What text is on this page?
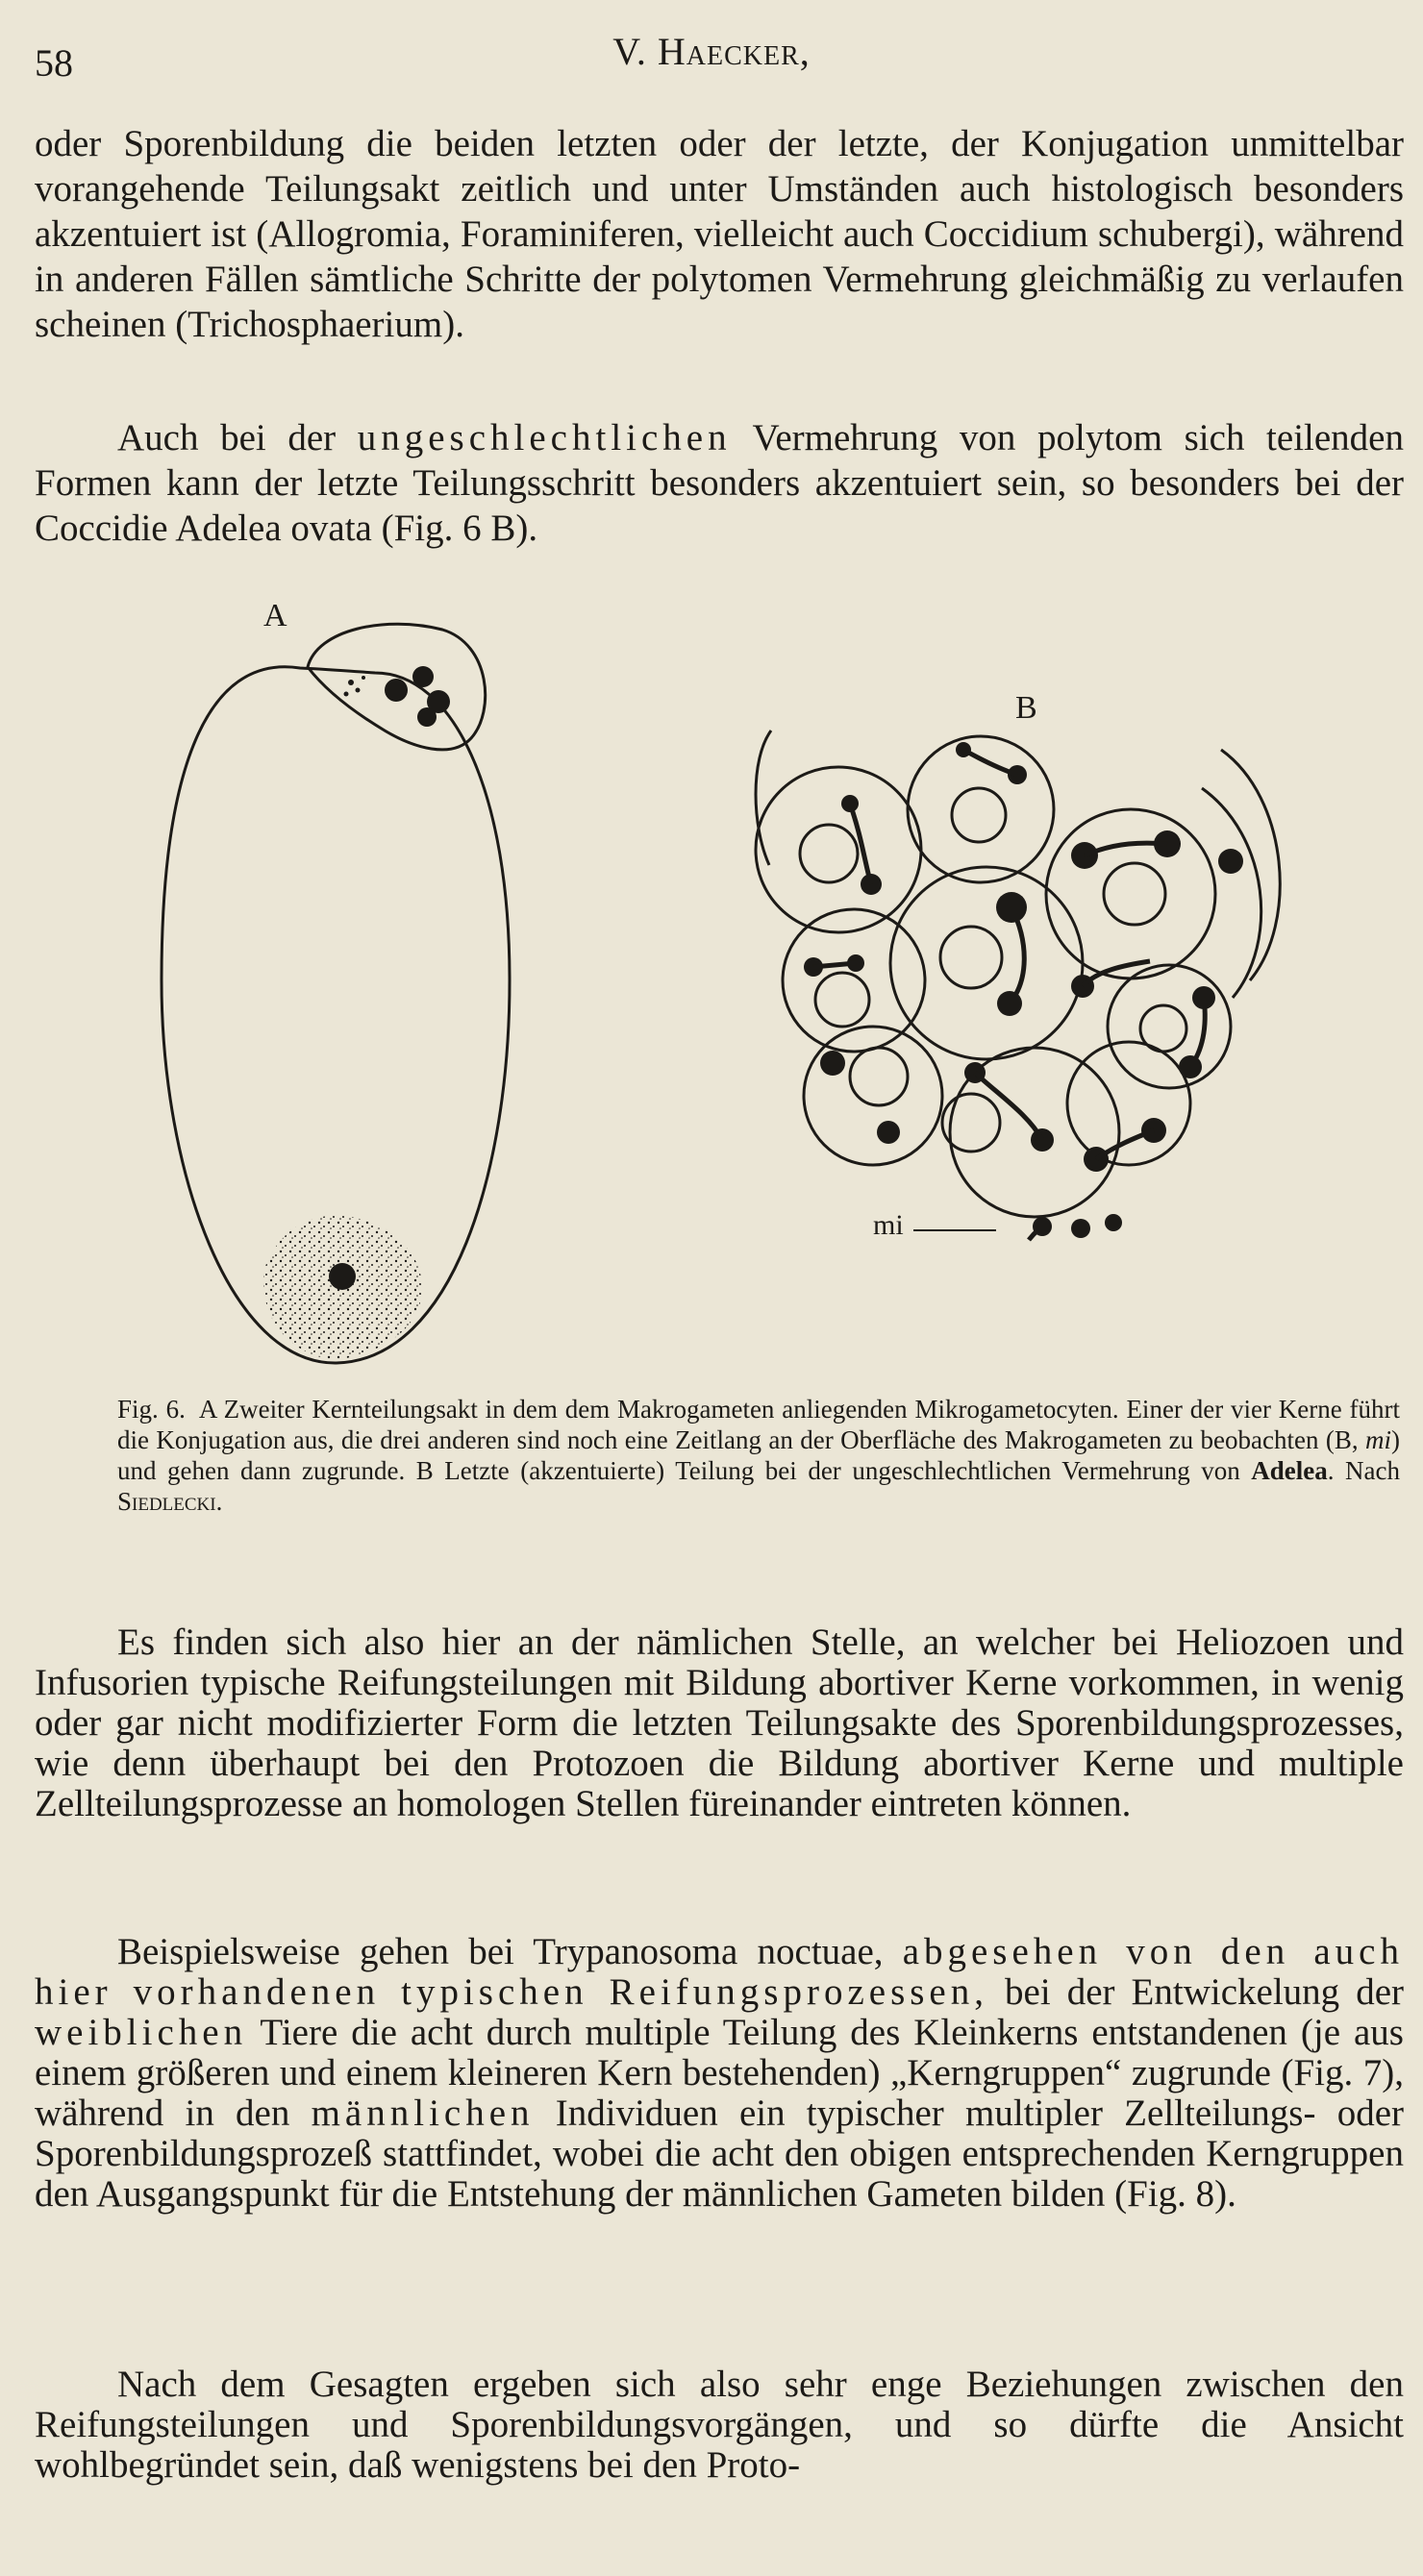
58	V. Haecker,

oder Sporenbildung die beiden letzten oder der letzte, der Konjugation unmittelbar vorangehende Teilungsakt zeitlich und unter Umständen auch histologisch besonders akzentuiert ist (Allogromia, Foraminiferen, vielleicht auch Coccidium schubergi), während in anderen Fällen sämtliche Schritte der polytomen Vermehrung gleichmäßig zu verlaufen scheinen (Trichosphaerium).

Auch bei der ungeschlechtlichen Vermehrung von polytom sich teilenden Formen kann der letzte Teilungsschritt besonders akzentuiert sein, so besonders bei der Coccidie Adelea ovata (Fig. 6 B).

A
B
mi

Fig. 6. A Zweiter Kernteilungsakt in dem dem Makrogameten anliegenden Mikrogametocyten. Einer der vier Kerne führt die Konjugation aus, die drei anderen sind noch eine Zeitlang an der Oberfläche des Makrogameten zu beobachten (B, mi) und gehen dann zugrunde. B Letzte (akzentuierte) Teilung bei der ungeschlechtlichen Vermehrung von Adelea. Nach Siedlecki.

Es finden sich also hier an der nämlichen Stelle, an welcher bei Heliozoen und Infusorien typische Reifungsteilungen mit Bildung abortiver Kerne vorkommen, in wenig oder gar nicht modifizierter Form die letzten Teilungsakte des Sporenbildungsprozesses, wie denn überhaupt bei den Protozoen die Bildung abortiver Kerne und multiple Zellteilungsprozesse an homologen Stellen füreinander eintreten können.

Beispielsweise gehen bei Trypanosoma noctuae, abgesehen von den auch hier vorhandenen typischen Reifungsprozessen, bei der Entwickelung der weiblichen Tiere die acht durch multiple Teilung des Kleinkerns entstandenen (je aus einem größeren und einem kleineren Kern bestehenden) „Kerngruppen“ zugrunde (Fig. 7), während in den männlichen Individuen ein typischer multipler Zellteilungs- oder Sporenbildungsprozeß stattfindet, wobei die acht den obigen entsprechenden Kerngruppen den Ausgangspunkt für die Entstehung der männlichen Gameten bilden (Fig. 8).

Nach dem Gesagten ergeben sich also sehr enge Beziehungen zwischen den Reifungsteilungen und Sporenbildungsvorgängen, und so dürfte die Ansicht wohlbegründet sein, daß wenigstens bei den Proto-
